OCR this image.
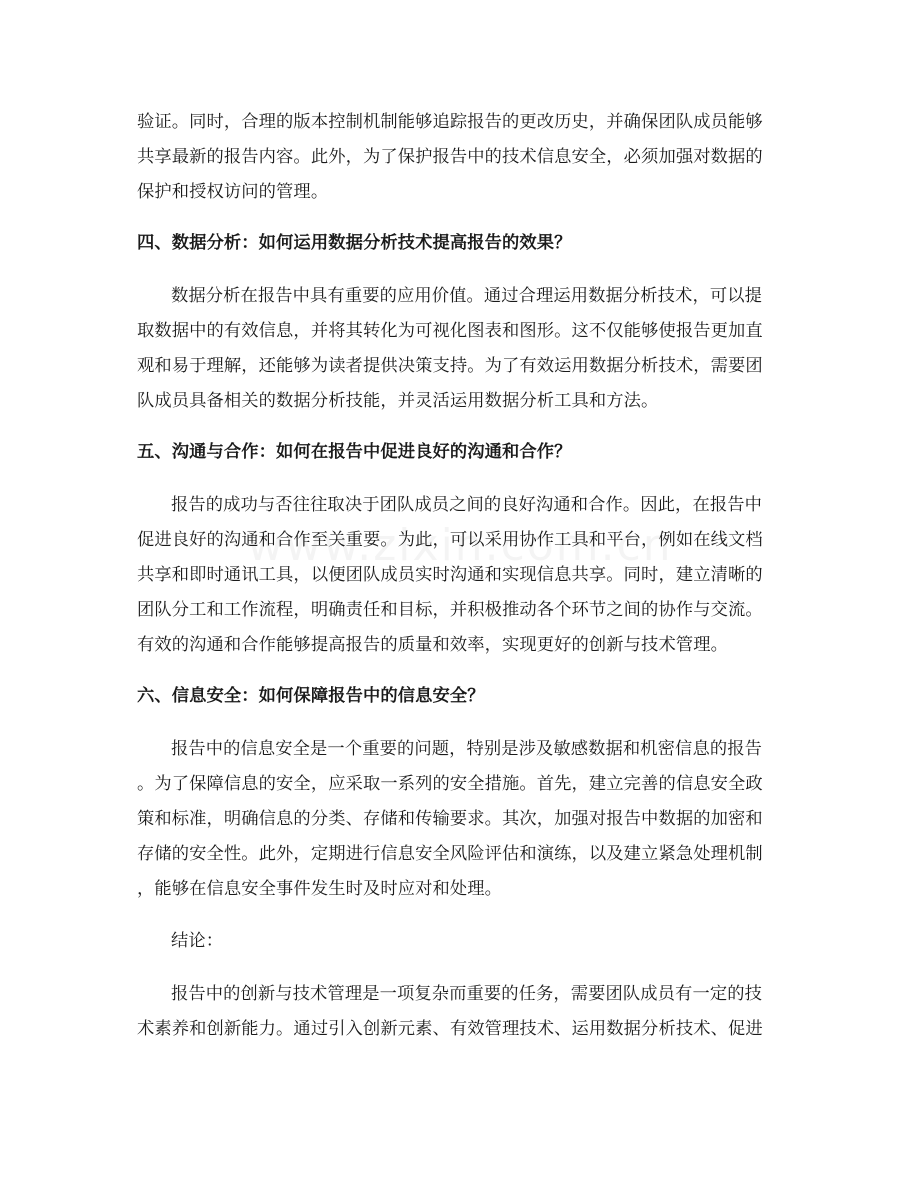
验证。同时，合理的版本控制机制能够追踪报告的更改历史，并确保团队成员能够
共享最新的报告内容。此外，为了保护报告中的技术信息安全，必须加强对数据的
保护和授权访问的管理。
四、数据分析：如何运用数据分析技术提高报告的效果？
数据分析在报告中具有重要的应用价值。通过合理运用数据分析技术，可以提
取数据中的有效信息，并将其转化为可视化图表和图形。这不仅能够使报告更加直
观和易于理解，还能够为读者提供决策支持。为了有效运用数据分析技术，需要团
队成员具备相关的数据分析技能，并灵活运用数据分析工具和方法。
五、沟通与合作：如何在报告中促进良好的沟通和合作？
报告的成功与否往往取决于团队成员之间的良好沟通和合作。因此，在报告中
促进良好的沟通和合作至关重要。为此，可以采用协作工具和平台，例如在线文档
共享和即时通讯工具，以便团队成员实时沟通和实现信息共享。同时，建立清晰的
团队分工和工作流程，明确责任和目标，并积极推动各个环节之间的协作与交流。
有效的沟通和合作能够提高报告的质量和效率，实现更好的创新与技术管理。
六、信息安全：如何保障报告中的信息安全？
报告中的信息安全是一个重要的问题，特别是涉及敏感数据和机密信息的报告
。为了保障信息的安全，应采取一系列的安全措施。首先，建立完善的信息安全政
策和标准，明确信息的分类、存储和传输要求。其次，加强对报告中数据的加密和
存储的安全性。此外，定期进行信息安全风险评估和演练，以及建立紧急处理机制
，能够在信息安全事件发生时及时应对和处理。
结论：
报告中的创新与技术管理是一项复杂而重要的任务，需要团队成员有一定的技
术素养和创新能力。通过引入创新元素、有效管理技术、运用数据分析技术、促进
